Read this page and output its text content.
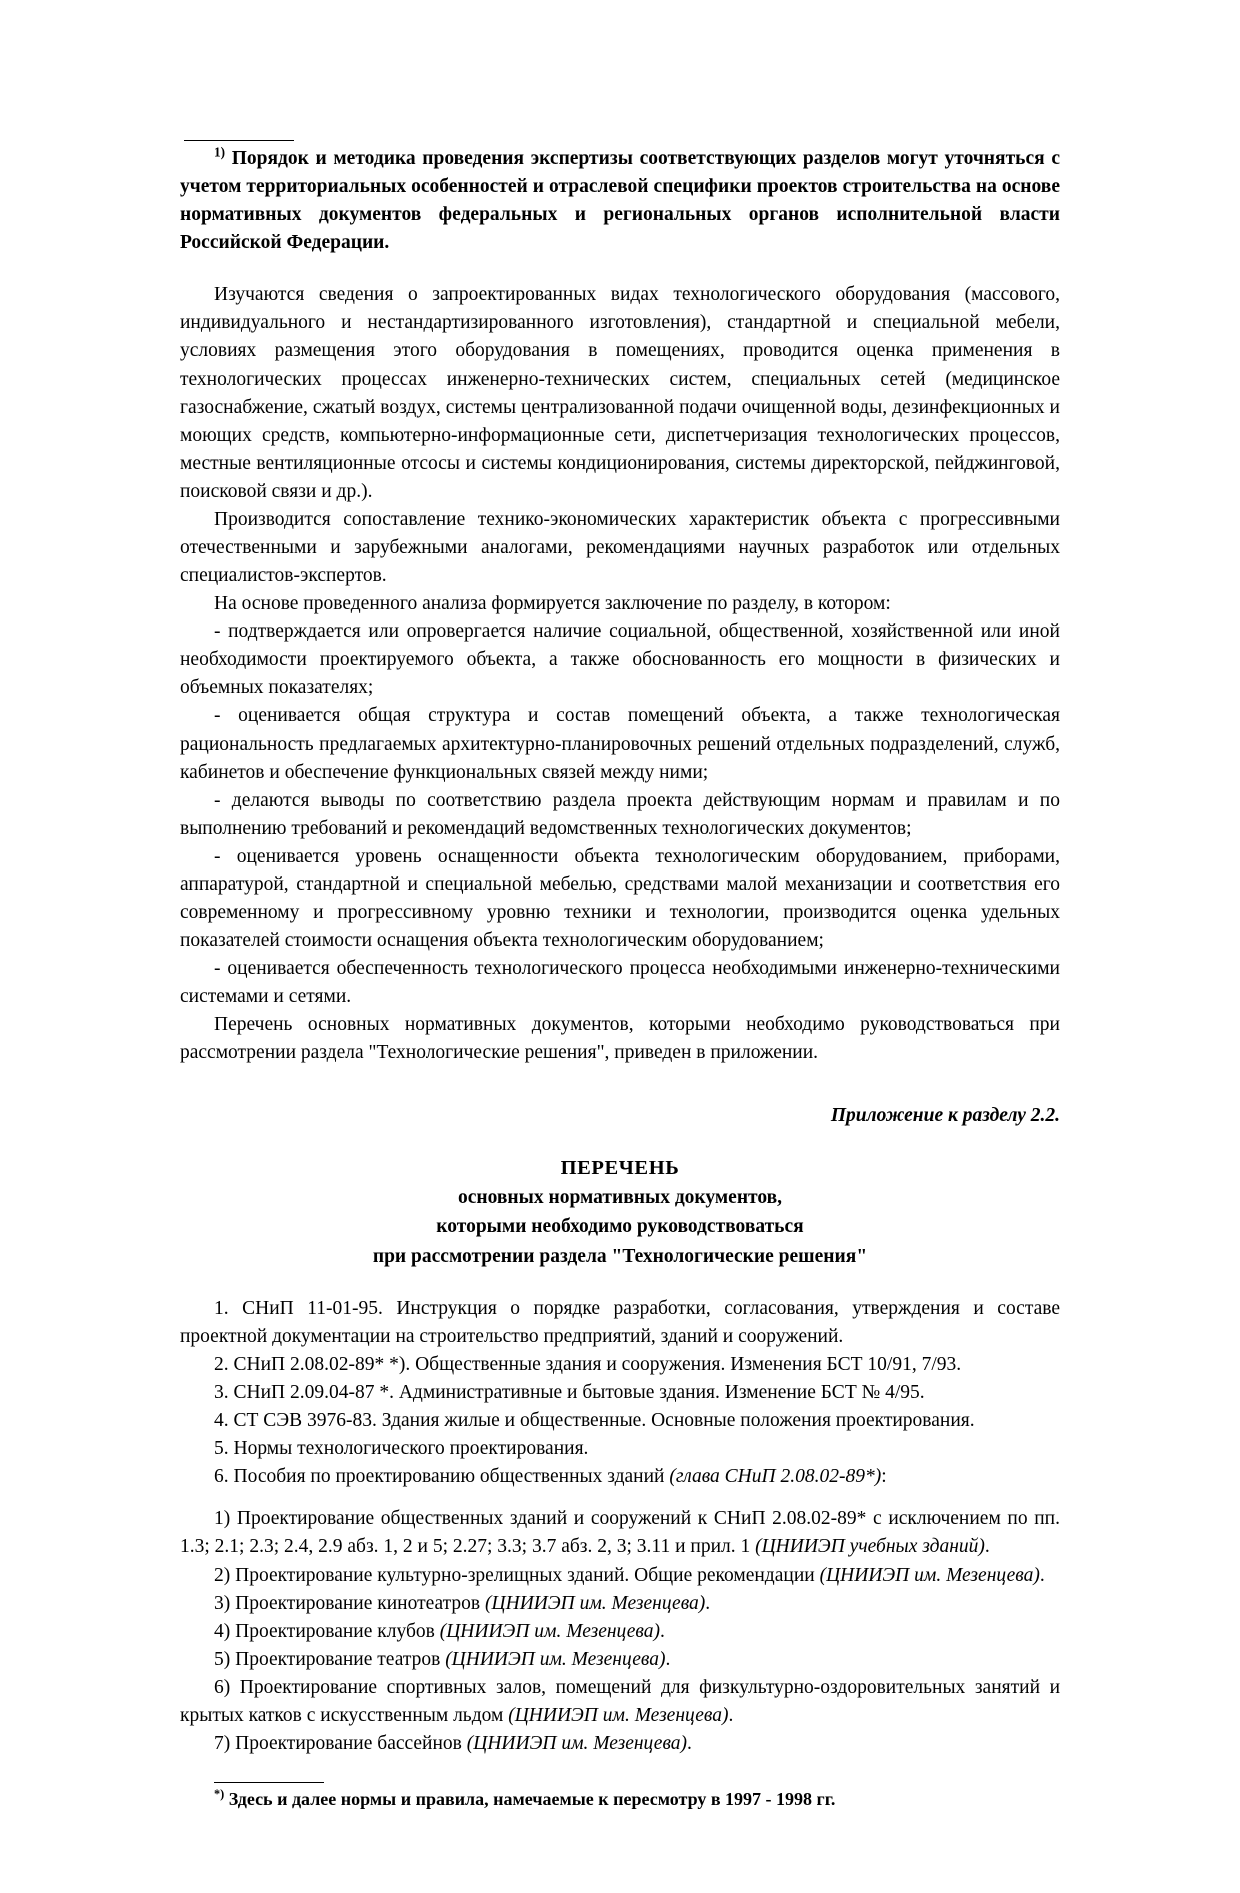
$^{1)}$ Порядок и методика проведения экспертизы соответствующих разделов могут уточняться с учетом территориальных особенностей и отраслевой специфики проектов строительства на основе нормативных документов федеральных и региональных органов исполнительной власти Российской Федерации.

Изучаются сведения о запроектированных видах технологического оборудования (массового, индивидуального и нестандартизированного изготовления), стандартной и специальной мебели, условиях размещения этого оборудования в помещениях, проводится оценка применения в технологических процессах инженерно-технических систем, специальных сетей (медицинское газоснабжение, сжатый воздух, системы централизованной подачи очищенной воды, дезинфекционных и моющих средств, компьютерно-информационные сети, диспетчеризация технологических процессов, местные вентиляционные отсосы и системы кондиционирования, системы директорской, пейджинговой, поисковой связи и др.).

Производится сопоставление технико-экономических характеристик объекта с прогрессивными отечественными и зарубежными аналогами, рекомендациями научных разработок или отдельных специалистов-экспертов.

На основе проведенного анализа формируется заключение по разделу, в котором:

- подтверждается или опровергается наличие социальной, общественной, хозяйственной или иной необходимости проектируемого объекта, а также обоснованность его мощности в физических и объемных показателях;

- оценивается общая структура и состав помещений объекта, а также технологическая рациональность предлагаемых архитектурно-планировочных решений отдельных подразделений, служб, кабинетов и обеспечение функциональных связей между ними;

- делаются выводы по соответствию раздела проекта действующим нормам и правилам и по выполнению требований и рекомендаций ведомственных технологических документов;

- оценивается уровень оснащенности объекта технологическим оборудованием, приборами, аппаратурой, стандартной и специальной мебелью, средствами малой механизации и соответствия его современному и прогрессивному уровню техники и технологии, производится оценка удельных показателей стоимости оснащения объекта технологическим оборудованием;

- оценивается обеспеченность технологического процесса необходимыми инженерно-техническими системами и сетями.

Перечень основных нормативных документов, которыми необходимо руководствоваться при рассмотрении раздела "Технологические решения", приведен в приложении.

Приложение к разделу 2.2.

ПЕРЕЧЕНЬ

основных нормативных документов,

которыми необходимо руководствоваться

при рассмотрении раздела "Технологические решения"

1. СНиП 11-01-95. Инструкция о порядке разработки, согласования, утверждения и составе проектной документации на строительство предприятий, зданий и сооружений.

2. СНиП 2.08.02-89* *). Общественные здания и сооружения. Изменения БСТ 10/91, 7/93.

3. СНиП 2.09.04-87 *. Административные и бытовые здания. Изменение БСТ № 4/95.

4. СТ СЭВ 3976-83. Здания жилые и общественные. Основные положения проектирования.

5. Нормы технологического проектирования.

6. Пособия по проектированию общественных зданий (глава СНиП 2.08.02-89*):

1) Проектирование общественных зданий и сооружений к СНиП 2.08.02-89* с исключением по пп. 1.3; 2.1; 2.3; 2.4, 2.9 абз. 1, 2 и 5; 2.27; 3.3; 3.7 абз. 2, 3; 3.11 и прил. 1 (ЦНИИЭП учебных зданий).

2) Проектирование культурно-зрелищных зданий. Общие рекомендации (ЦНИИЭП им. Мезенцева).

3) Проектирование кинотеатров (ЦНИИЭП им. Мезенцева).

4) Проектирование клубов (ЦНИИЭП им. Мезенцева).

5) Проектирование театров (ЦНИИЭП им. Мезенцева).

6) Проектирование спортивных залов, помещений для физкультурно-оздоровительных занятий и крытых катков с искусственным льдом (ЦНИИЭП им. Мезенцева).

7) Проектирование бассейнов (ЦНИИЭП им. Мезенцева).

*) Здесь и далее нормы и правила, намечаемые к пересмотру в 1997 - 1998 гг.
